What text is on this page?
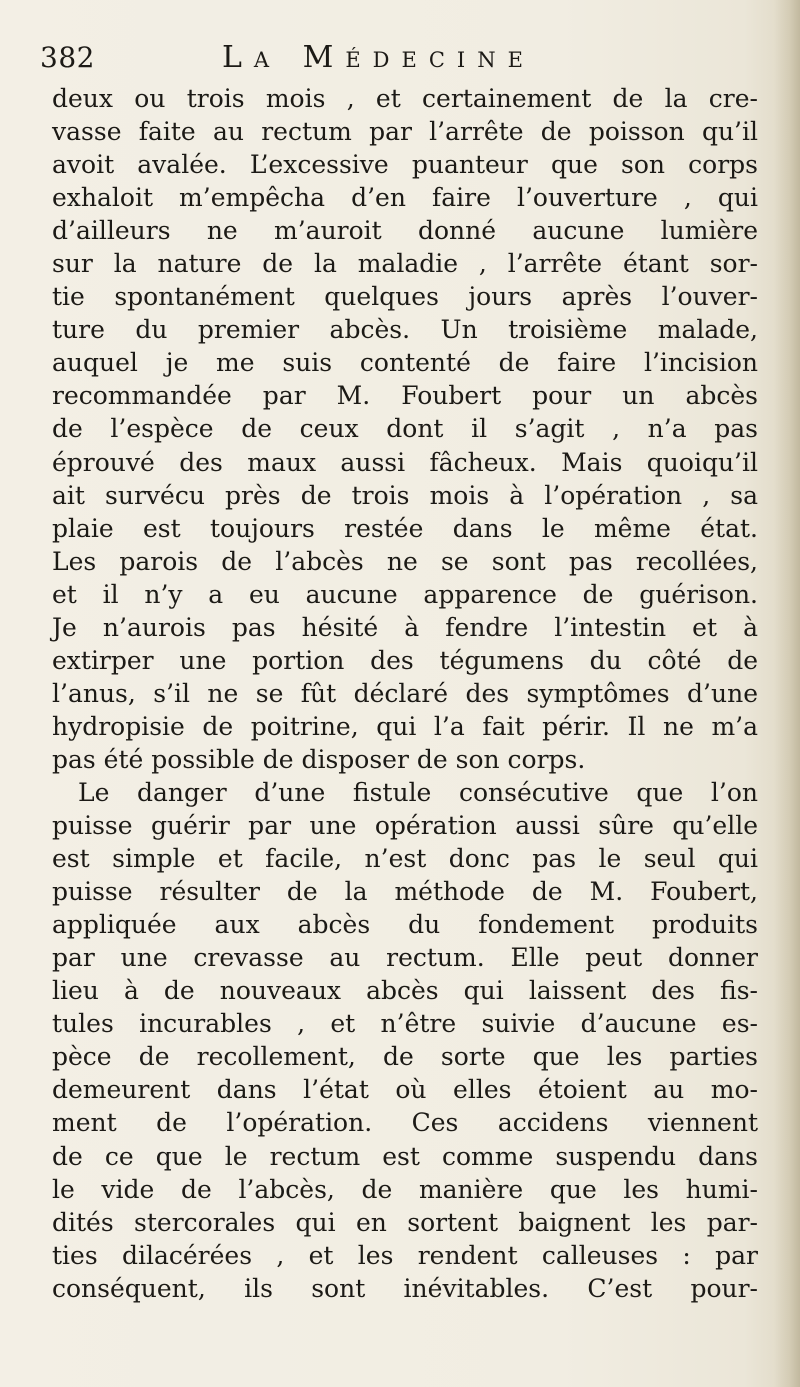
382	La Médecine
deux ou trois mois , et certainement de la cre-
vasse faite au rectum par l’arrête de poisson qu’il
avoit avalée. L’excessive puanteur que son corps
exhaloit m’empêcha d’en faire l’ouverture , qui
d’ailleurs ne m’auroit donné aucune lumière
sur la nature de la maladie , l’arrête étant sor-
tie spontanément quelques jours après l’ouver-
ture du premier abcès. Un troisième malade,
auquel je me suis contenté de faire l’incision
recommandée par M. Foubert pour un abcès
de l’espèce de ceux dont il s’agit , n’a pas
éprouvé des maux aussi fâcheux. Mais quoiqu’il
ait survécu près de trois mois à l’opération , sa
plaie est toujours restée dans le même état.
Les parois de l’abcès ne se sont pas recollées,
et il n’y a eu aucune apparence de guérison.
Je n’aurois pas hésité à fendre l’intestin et à
extirper une portion des tégumens du côté de
l’anus, s’il ne se fût déclaré des symptômes d’une
hydropisie de poitrine, qui l’a fait périr. Il ne m’a
pas été possible de disposer de son corps.
Le danger d’une fistule consécutive que l’on
puisse guérir par une opération aussi sûre qu’elle
est simple et facile, n’est donc pas le seul qui
puisse résulter de la méthode de M. Foubert,
appliquée aux abcès du fondement produits
par une crevasse au rectum. Elle peut donner
lieu à de nouveaux abcès qui laissent des fis-
tules incurables , et n’être suivie d’aucune es-
pèce de recollement, de sorte que les parties
demeurent dans l’état où elles étoient au mo-
ment de l’opération. Ces accidens viennent
de ce que le rectum est comme suspendu dans
le vide de l’abcès, de manière que les humi-
dités stercorales qui en sortent baignent les par-
ties dilacérées , et les rendent calleuses : par
conséquent, ils sont inévitables. C’est pour-
